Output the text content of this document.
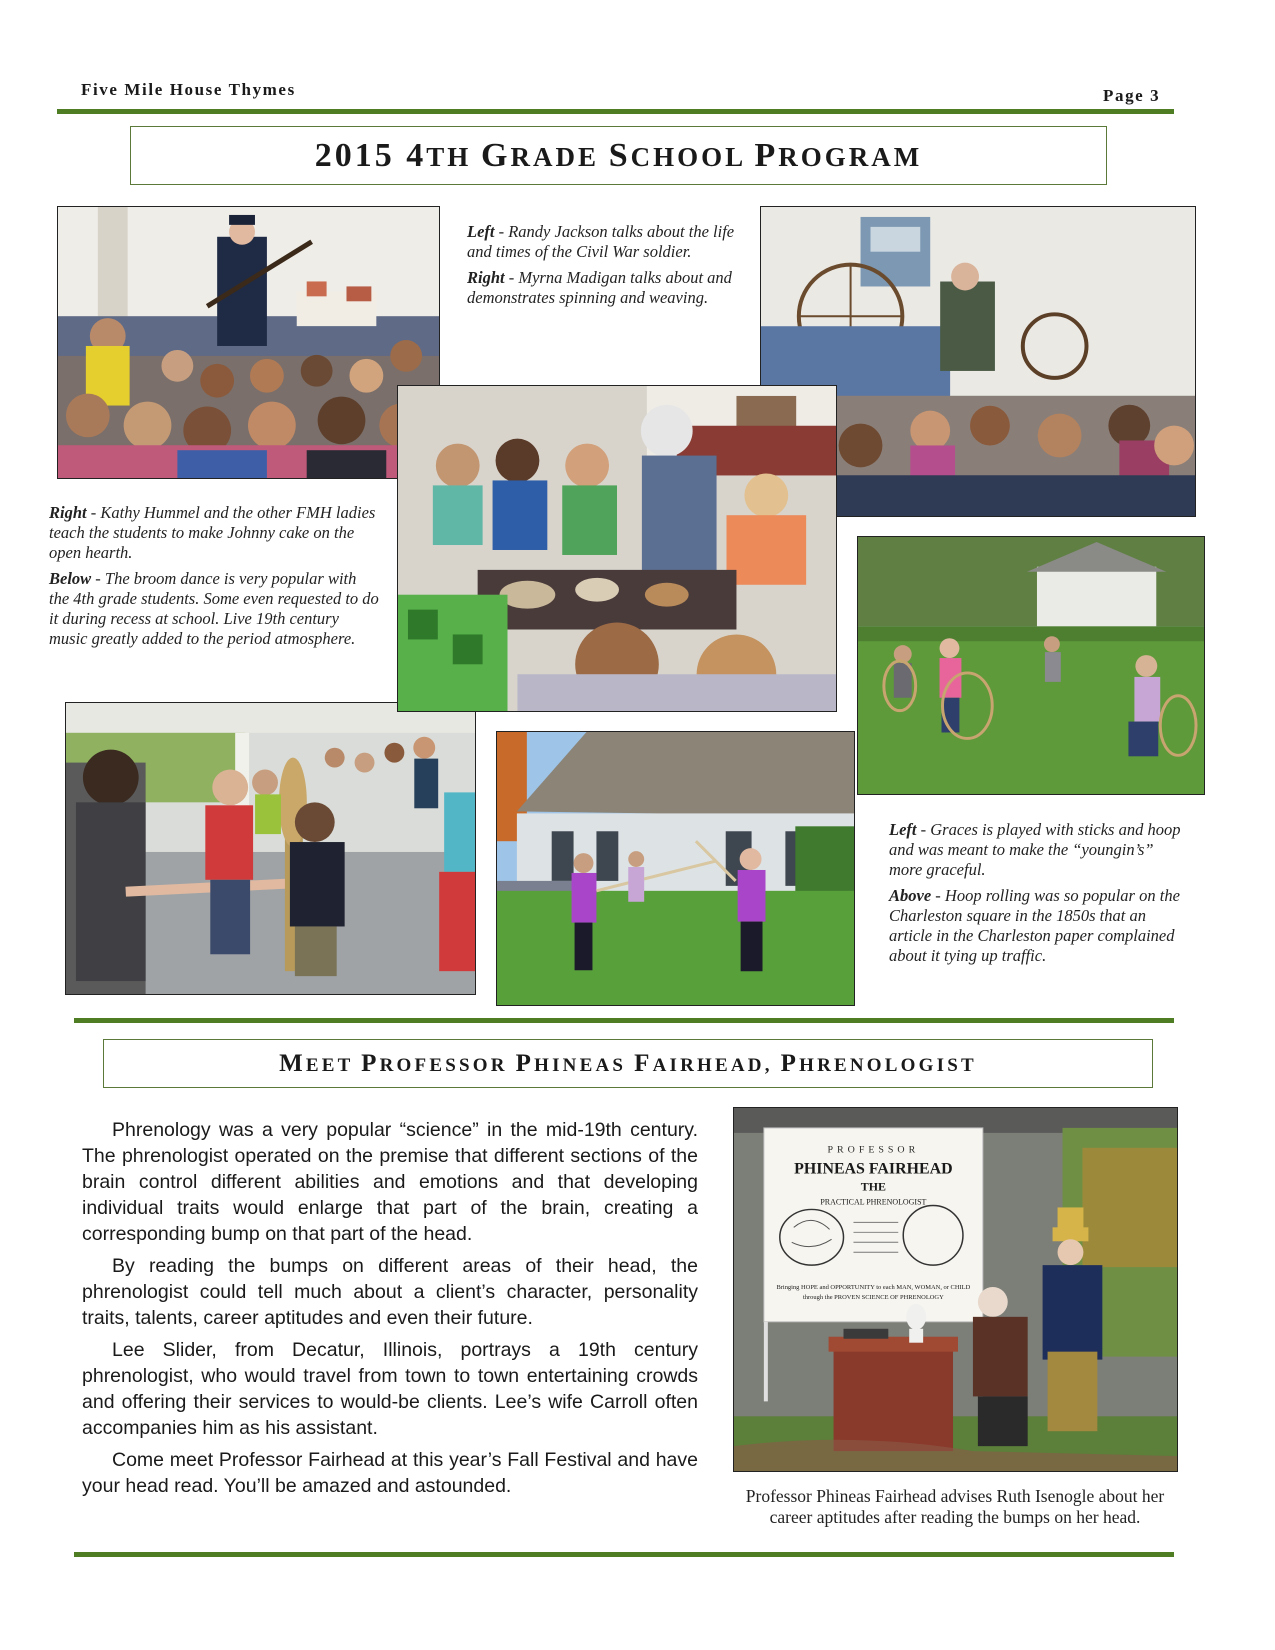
Five Mile House Thymes	Page 3
2015 4TH GRADE SCHOOL PROGRAM

Left - Randy Jackson talks about the life and times of the Civil War soldier.

Right - Myrna Madigan talks about and demonstrates spinning and weaving.

Right - Kathy Hummel and the other FMH ladies teach the students to make Johnny cake on the open hearth.

Below - The broom dance is very popular with the 4th grade students. Some even requested to do it during recess at school. Live 19th century music greatly added to the period atmosphere.

Left - Graces is played with sticks and hoop and was meant to make the “youngin’s” more graceful.

Above - Hoop rolling was so popular on the Charleston square in the 1850s that an article in the Charleston paper complained about it tying up traffic.

MEET PROFESSOR PHINEAS FAIRHEAD, PHRENOLOGIST

Phrenology was a very popular “science” in the mid-19th century. The phrenologist operated on the premise that different sections of the brain control different abilities and emotions and that developing individual traits would enlarge that part of the brain, creating a corresponding bump on that part of the head.

By reading the bumps on different areas of their head, the phrenologist could tell much about a client’s character, personality traits, talents, career aptitudes and even their future.

Lee Slider, from Decatur, Illinois, portrays a 19th century phrenologist, who would travel from town to town entertaining crowds and offering their services to would-be clients. Lee’s wife Carroll often accompanies him as his assistant.

Come meet Professor Fairhead at this year’s Fall Festival and have your head read. You’ll be amazed and astounded.

PROFESSOR
PHINEAS FAIRHEAD
THE
PRACTICAL PHRENOLOGIST
Bringing HOPE and OPPORTUNITY to each MAN, WOMAN, or CHILD
through the PROVEN SCIENCE OF PHRENOLOGY
Professor Phineas Fairhead advises Ruth Isenogle about her career aptitudes after reading the bumps on her head.
